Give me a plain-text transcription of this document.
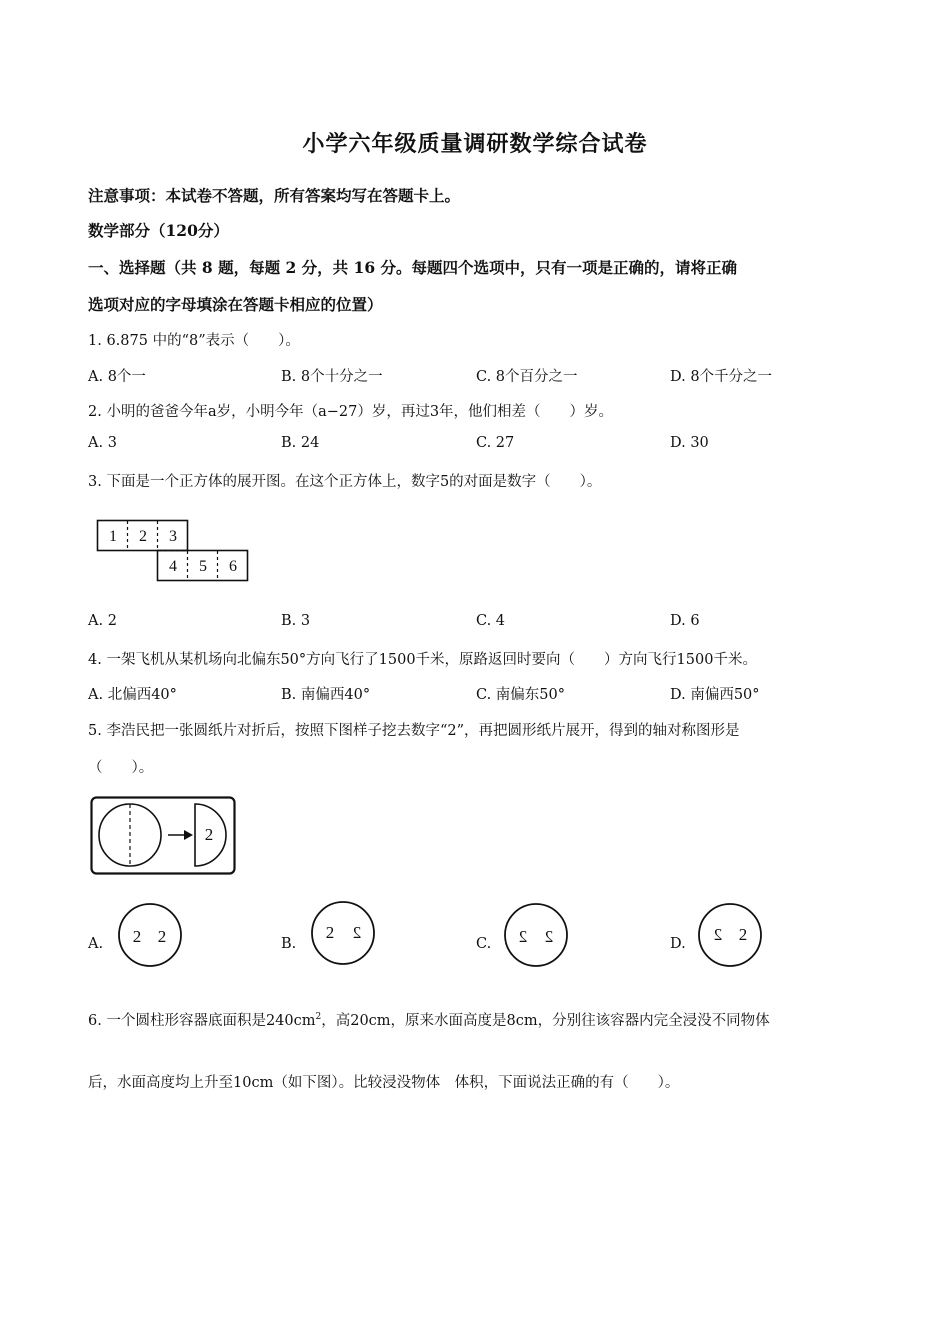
小学六年级质量调研数学综合试卷
注意事项：本试卷不答题，所有答案均写在答题卡上。
数学部分（120分）
一、选择题（共 8 题，每题 2 分，共 16 分。每题四个选项中，只有一项是正确的，请将正确
选项对应的字母填涂在答题卡相应的位置）
1. 6.875 中的“8”表示（　　）。
A. 8个一	B. 8个十分之一	C. 8个百分之一	D. 8个千分之一
2. 小明的爸爸今年a岁，小明今年（a−27）岁，再过3年，他们相差（　　）岁。
A. 3	B. 24	C. 27	D. 30
3. 下面是一个正方体的展开图。在这个正方体上，数字5的对面是数字（　　）。
1 2 3
4 5 6
A. 2	B. 3	C. 4	D. 6
4. 一架飞机从某机场向北偏东50°方向飞行了1500千米，原路返回时要向（　　）方向飞行1500千米。
A. 北偏西40°	B. 南偏西40°	C. 南偏东50°	D. 南偏西50°
5. 李浩民把一张圆纸片对折后，按照下图样子挖去数字“2”，再把圆形纸片展开，得到的轴对称图形是
（　　）。
2
A. 2 2	B.
2 2
C. 2 2	D. 2 2
6. 一个圆柱形容器底面积是$240cm^2$，高20cm，原来水面高度是8cm，分别往该容器内完全浸没不同物体
后，水面高度均上升至10cm（如下图）。比较浸没物体　体积，下面说法正确的有（　　）。
